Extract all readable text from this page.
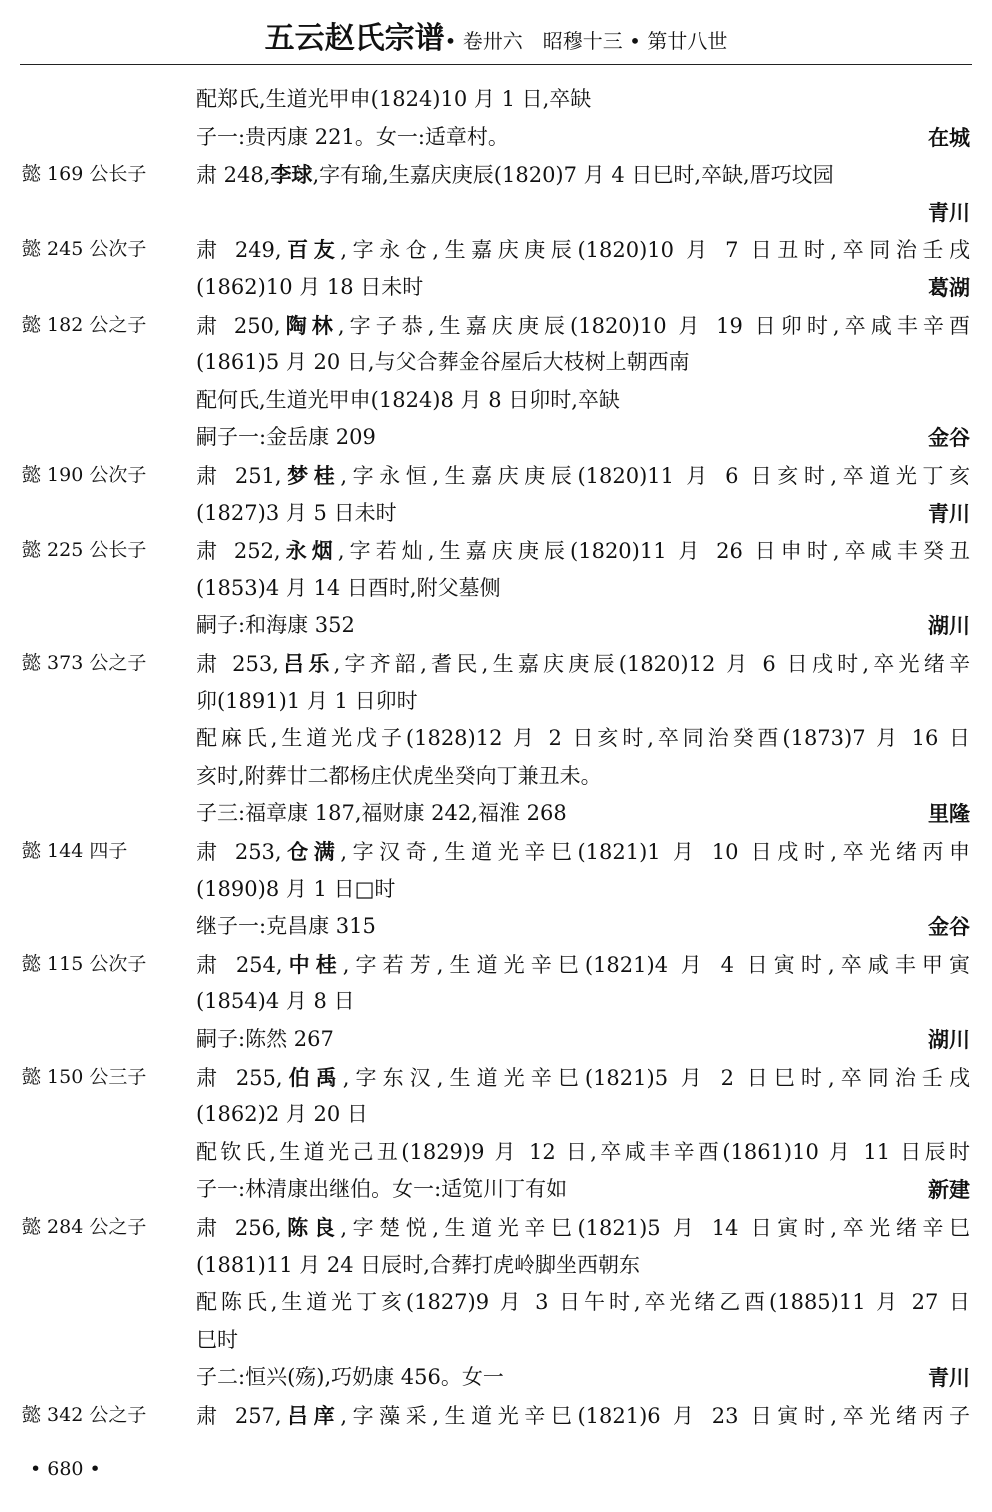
五云赵氏宗谱• 卷卅六　昭穆十三 • 第廿八世
配郑氏,生道光甲申(1824)10 月 1 日,卒缺
子一:贵丙康 221。女一:适章村。	在城
懿 169 公长子	肃 248,李球,字有瑜,生嘉庆庚辰(1820)7 月 4 日巳时,卒缺,厝巧坟园
青川
懿 245 公次子	肃 249,百友,字永仓,生嘉庆庚辰(1820)10 月 7 日丑时,卒同治壬戌
(1862)10 月 18 日未时	葛湖
懿 182 公之子	肃 250,陶林,字子恭,生嘉庆庚辰(1820)10 月 19 日卯时,卒咸丰辛酉
(1861)5 月 20 日,与父合葬金谷屋后大枝树上朝西南
配何氏,生道光甲申(1824)8 月 8 日卯时,卒缺
嗣子一:金岳康 209	金谷
懿 190 公次子	肃 251,梦桂,字永恒,生嘉庆庚辰(1820)11 月 6 日亥时,卒道光丁亥
(1827)3 月 5 日未时	青川
懿 225 公长子	肃 252,永烟,字若灿,生嘉庆庚辰(1820)11 月 26 日申时,卒咸丰癸丑
(1853)4 月 14 日酉时,附父墓侧
嗣子:和海康 352	湖川
懿 373 公之子	肃 253,吕乐,字齐韶,耆民,生嘉庆庚辰(1820)12 月 6 日戌时,卒光绪辛
卯(1891)1 月 1 日卯时
配麻氏,生道光戊子(1828)12 月 2 日亥时,卒同治癸酉(1873)7 月 16 日
亥时,附葬廿二都杨庄伏虎坐癸向丁兼丑未。
子三:福章康 187,福财康 242,福淮 268	里隆
懿 144 四子	肃 253,仓满,字汉奇,生道光辛巳(1821)1 月 10 日戌时,卒光绪丙申
(1890)8 月 1 日□时
继子一:克昌康 315	金谷
懿 115 公次子	肃 254,中桂,字若芳,生道光辛巳(1821)4 月 4 日寅时,卒咸丰甲寅
(1854)4 月 8 日
嗣子:陈然 267	湖川
懿 150 公三子	肃 255,伯禹,字东汉,生道光辛巳(1821)5 月 2 日巳时,卒同治壬戌
(1862)2 月 20 日
配钦氏,生道光己丑(1829)9 月 12 日,卒咸丰辛酉(1861)10 月 11 日辰时
子一:林清康出继伯。女一:适笕川丁有如	新建
懿 284 公之子	肃 256,陈良,字楚悦,生道光辛巳(1821)5 月 14 日寅时,卒光绪辛巳
(1881)11 月 24 日辰时,合葬打虎岭脚坐西朝东
配陈氏,生道光丁亥(1827)9 月 3 日午时,卒光绪乙酉(1885)11 月 27 日
巳时
子二:恒兴(殇),巧奶康 456。女一	青川
懿 342 公之子	肃 257,吕庠,字藻采,生道光辛巳(1821)6 月 23 日寅时,卒光绪丙子
• 680 •
